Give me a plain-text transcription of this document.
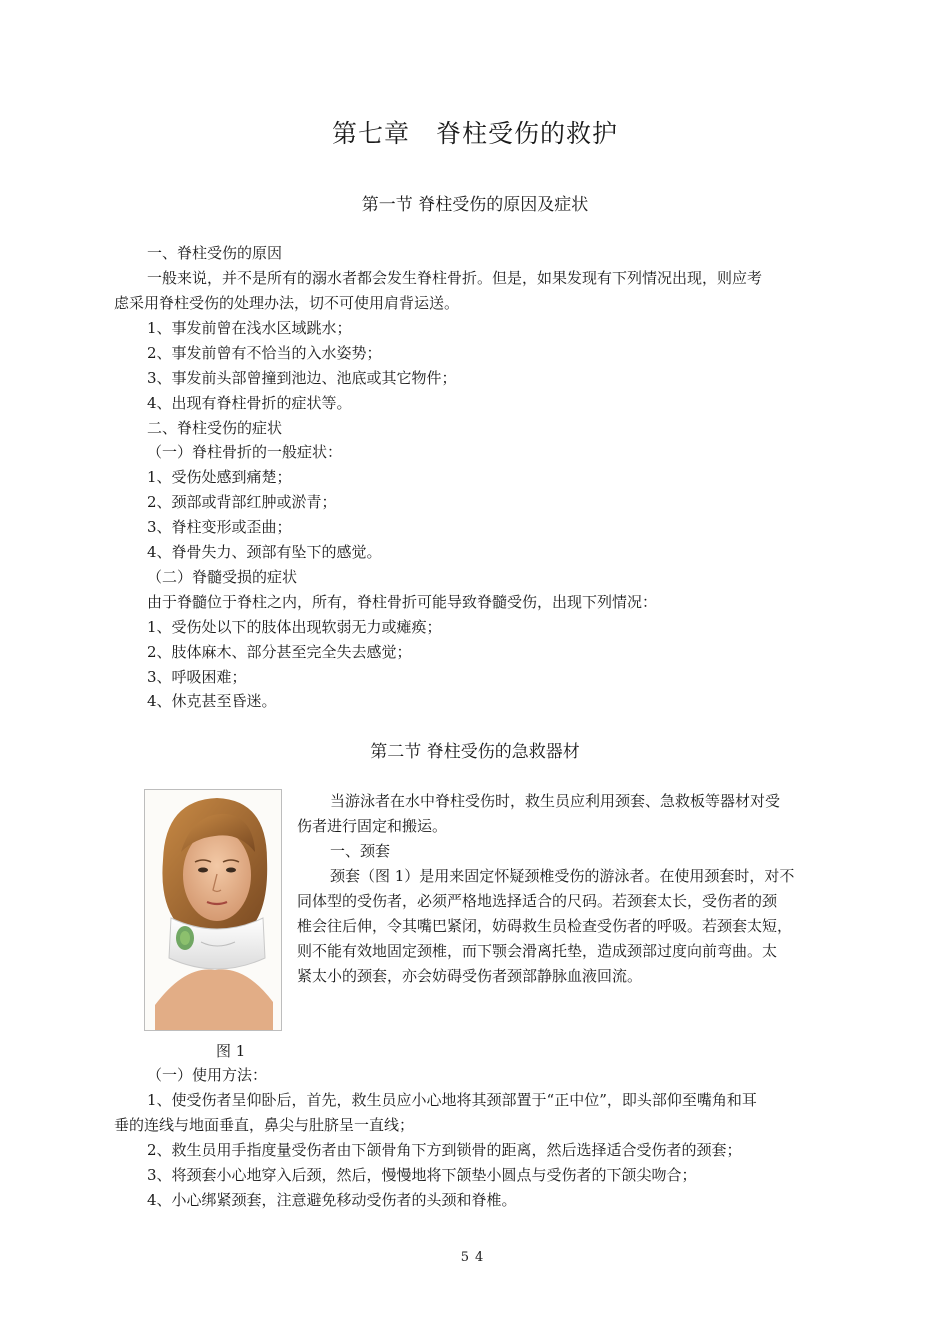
第七章　脊柱受伤的救护
第一节 脊柱受伤的原因及症状
一、脊柱受伤的原因
一般来说，并不是所有的溺水者都会发生脊柱骨折。但是，如果发现有下列情况出现，则应考
虑采用脊柱受伤的处理办法，切不可使用肩背运送。
1、事发前曾在浅水区域跳水；
2、事发前曾有不恰当的入水姿势；
3、事发前头部曾撞到池边、池底或其它物件；
4、出现有脊柱骨折的症状等。
二、脊柱受伤的症状
（一）脊柱骨折的一般症状：
1、受伤处感到痛楚；
2、颈部或背部红肿或淤青；
3、脊柱变形或歪曲；
4、脊骨失力、颈部有坠下的感觉。
（二）脊髓受损的症状
由于脊髓位于脊柱之内，所有，脊柱骨折可能导致脊髓受伤，出现下列情况：
1、受伤处以下的肢体出现软弱无力或瘫痪；
2、肢体麻木、部分甚至完全失去感觉；
3、呼吸困难；
4、休克甚至昏迷。
第二节 脊柱受伤的急救器材
图 1
当游泳者在水中脊柱受伤时，救生员应利用颈套、急救板等器材对受
伤者进行固定和搬运。
一、颈套
颈套（图 1）是用来固定怀疑颈椎受伤的游泳者。在使用颈套时，对不
同体型的受伤者，必须严格地选择适合的尺码。若颈套太长，受伤者的颈
椎会往后伸，令其嘴巴紧闭，妨碍救生员检查受伤者的呼吸。若颈套太短，
则不能有效地固定颈椎，而下颚会滑离托垫，造成颈部过度向前弯曲。太
紧太小的颈套，亦会妨碍受伤者颈部静脉血液回流。
（一）使用方法：
1、使受伤者呈仰卧后，首先，救生员应小心地将其颈部置于“正中位”，即头部仰至嘴角和耳
垂的连线与地面垂直，鼻尖与肚脐呈一直线；
2、救生员用手指度量受伤者由下颌骨角下方到锁骨的距离，然后选择适合受伤者的颈套；
3、将颈套小心地穿入后颈，然后，慢慢地将下颌垫小圆点与受伤者的下颌尖吻合；
4、小心绑紧颈套，注意避免移动受伤者的头颈和脊椎。
54
